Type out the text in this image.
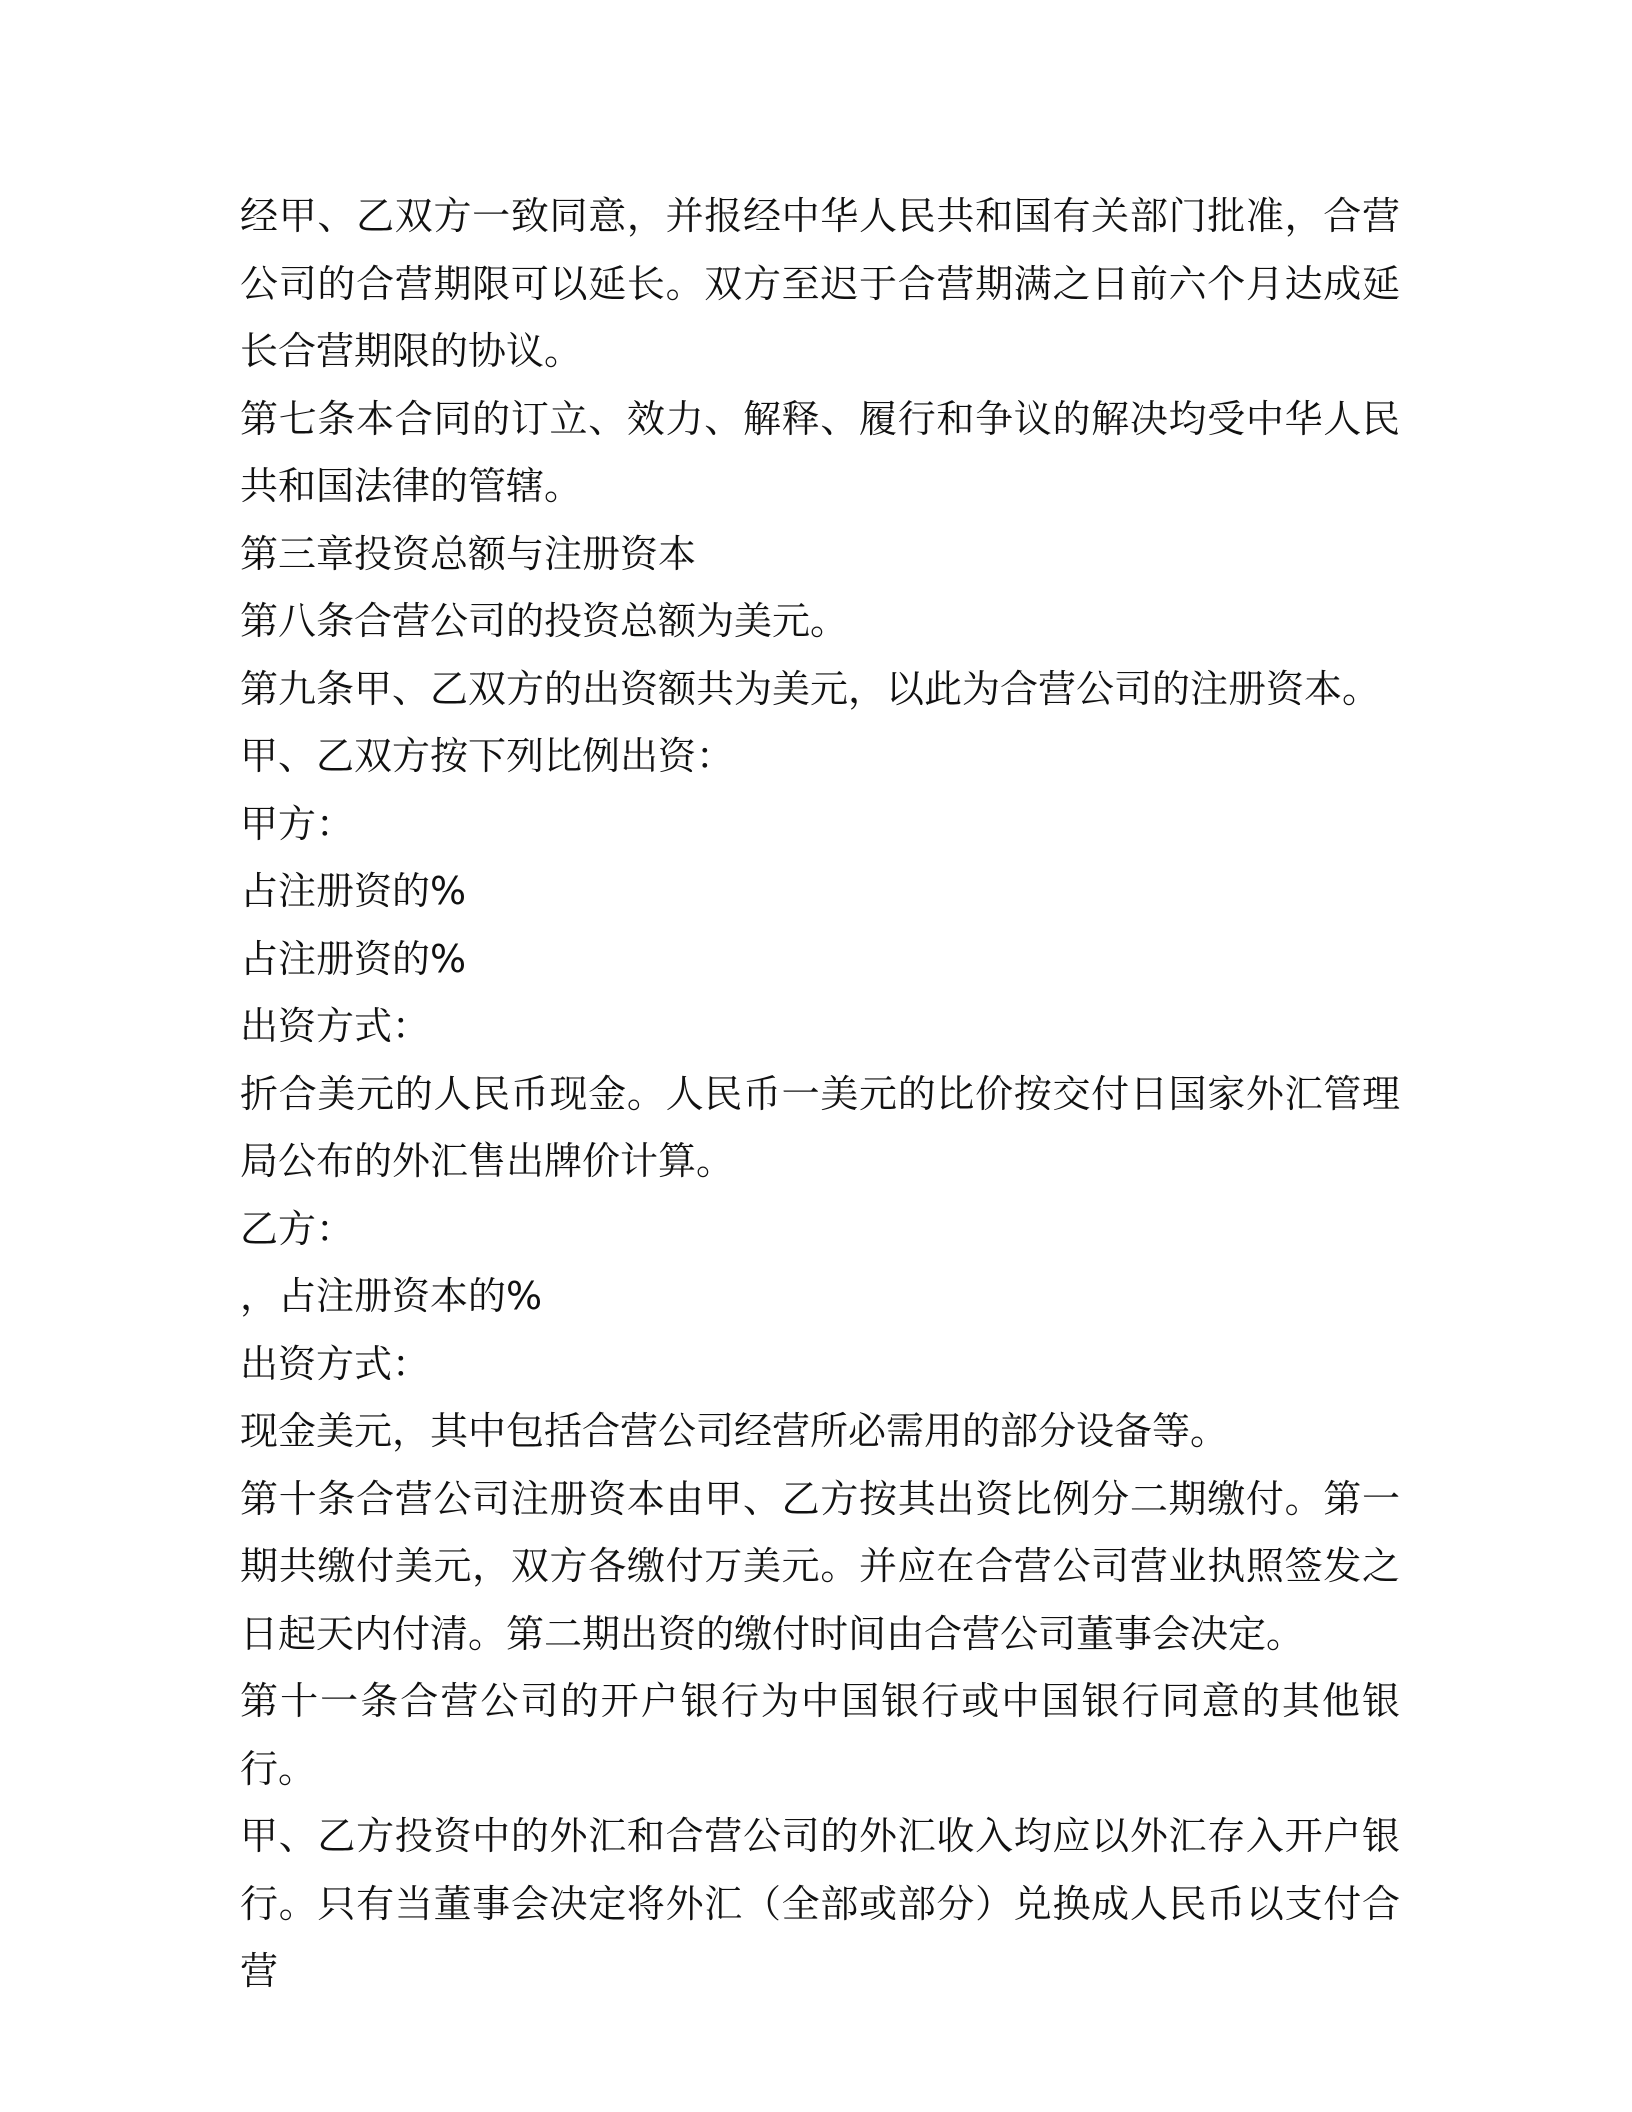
经甲、乙双方一致同意，并报经中华人民共和国有关部门批准，合营公司的合营期限可以延长。双方至迟于合营期满之日前六个月达成延长合营期限的协议。

第七条本合同的订立、效力、解释、履行和争议的解决均受中华人民共和国法律的管辖。

第三章投资总额与注册资本

第八条合营公司的投资总额为美元。

第九条甲、乙双方的出资额共为美元，以此为合营公司的注册资本。

甲、乙双方按下列比例出资：

甲方：

占注册资的%

占注册资的%

出资方式：

折合美元的人民币现金。人民币一美元的比价按交付日国家外汇管理局公布的外汇售出牌价计算。

乙方：

，占注册资本的%

出资方式：

现金美元，其中包括合营公司经营所必需用的部分设备等。

第十条合营公司注册资本由甲、乙方按其出资比例分二期缴付。第一期共缴付美元，双方各缴付万美元。并应在合营公司营业执照签发之日起天内付清。第二期出资的缴付时间由合营公司董事会决定。

第十一条合营公司的开户银行为中国银行或中国银行同意的其他银行。

甲、乙方投资中的外汇和合营公司的外汇收入均应以外汇存入开户银行。只有当董事会决定将外汇（全部或部分）兑换成人民币以支付合营
